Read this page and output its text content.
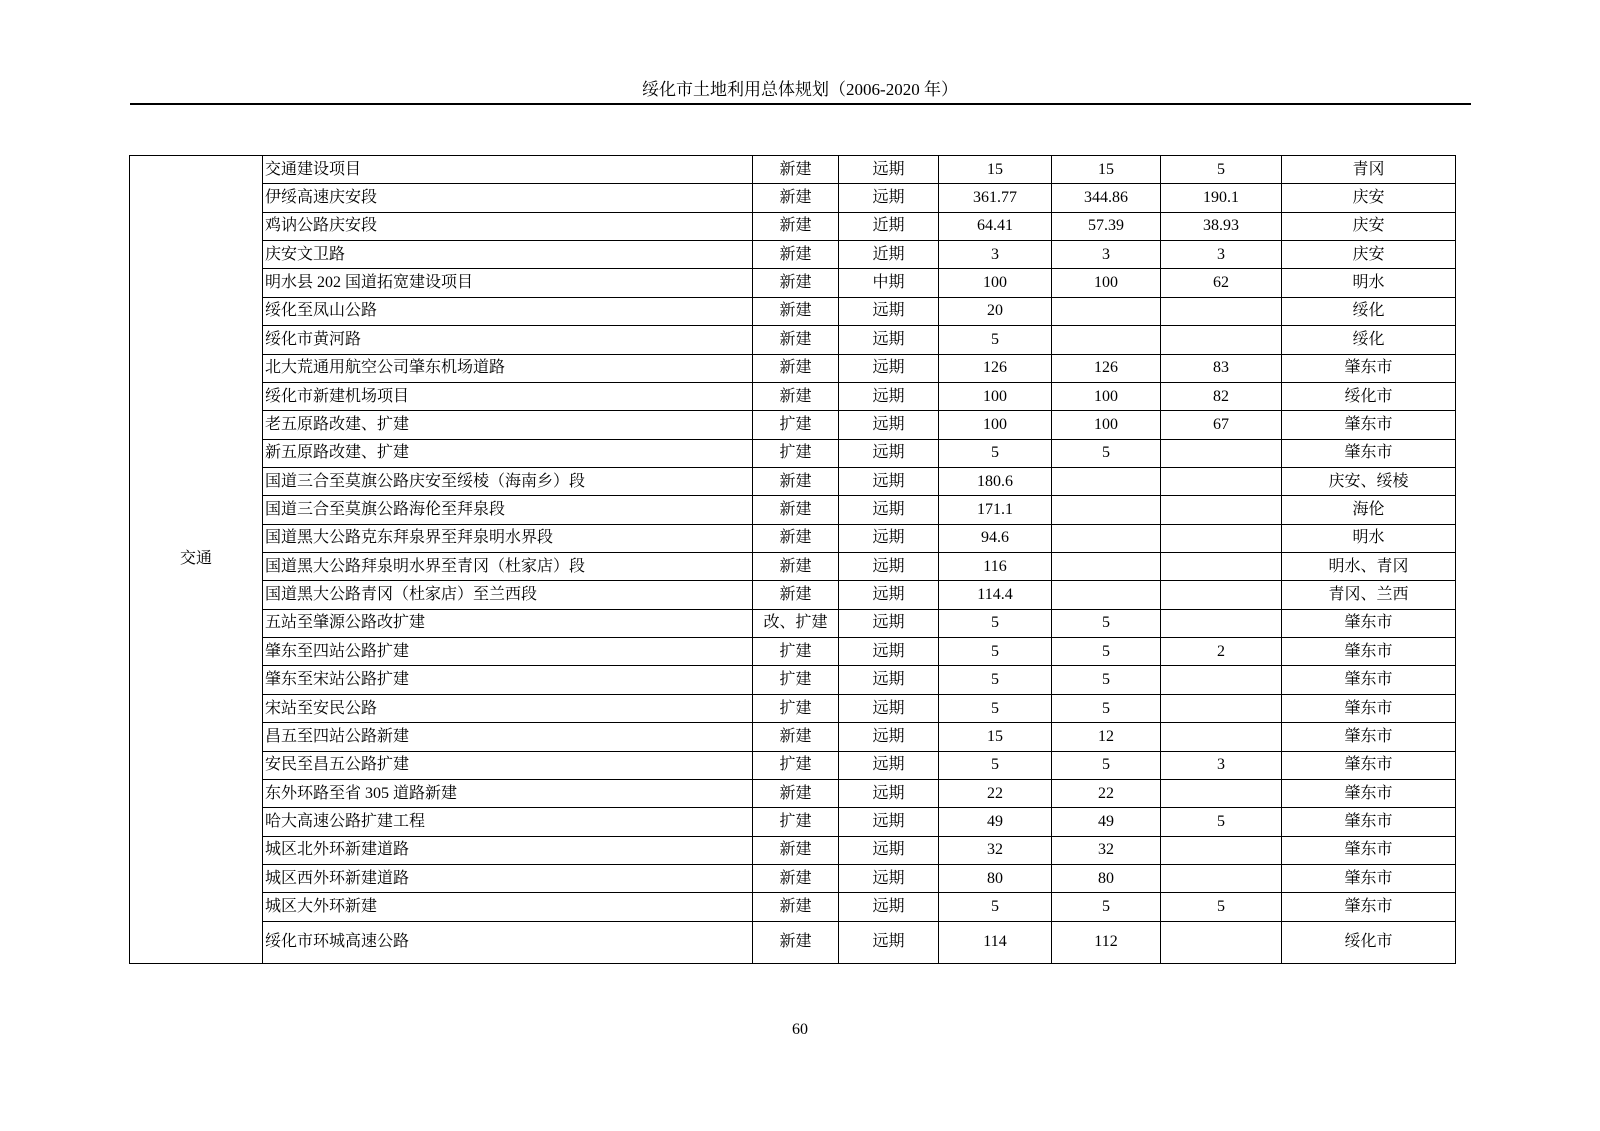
绥化市土地利用总体规划（2006-2020 年）
交通	交通建设项目	新建	远期	15	15	5	青冈
	伊绥高速庆安段	新建	远期	361.77	344.86	190.1	庆安
	鸡讷公路庆安段	新建	近期	64.41	57.39	38.93	庆安
	庆安文卫路	新建	近期	3	3	3	庆安
	明水县 202 国道拓宽建设项目	新建	中期	100	100	62	明水
	绥化至凤山公路	新建	远期	20			绥化
	绥化市黄河路	新建	远期	5			绥化
	北大荒通用航空公司肇东机场道路	新建	远期	126	126	83	肇东市
	绥化市新建机场项目	新建	远期	100	100	82	绥化市
	老五原路改建、扩建	扩建	远期	100	100	67	肇东市
	新五原路改建、扩建	扩建	远期	5	5		肇东市
	国道三合至莫旗公路庆安至绥棱（海南乡）段	新建	远期	180.6			庆安、绥棱
	国道三合至莫旗公路海伦至拜泉段	新建	远期	171.1			海伦
	国道黑大公路克东拜泉界至拜泉明水界段	新建	远期	94.6			明水
	国道黑大公路拜泉明水界至青冈（杜家店）段	新建	远期	116			明水、青冈
	国道黑大公路青冈（杜家店）至兰西段	新建	远期	114.4			青冈、兰西
	五站至肇源公路改扩建	改、扩建	远期	5	5		肇东市
	肇东至四站公路扩建	扩建	远期	5	5	2	肇东市
	肇东至宋站公路扩建	扩建	远期	5	5		肇东市
	宋站至安民公路	扩建	远期	5	5		肇东市
	昌五至四站公路新建	新建	远期	15	12		肇东市
	安民至昌五公路扩建	扩建	远期	5	5	3	肇东市
	东外环路至省 305 道路新建	新建	远期	22	22		肇东市
	哈大高速公路扩建工程	扩建	远期	49	49	5	肇东市
	城区北外环新建道路	新建	远期	32	32		肇东市
	城区西外环新建道路	新建	远期	80	80		肇东市
	城区大外环新建	新建	远期	5	5	5	肇东市
	绥化市环城高速公路	新建	远期	114	112		绥化市
60
